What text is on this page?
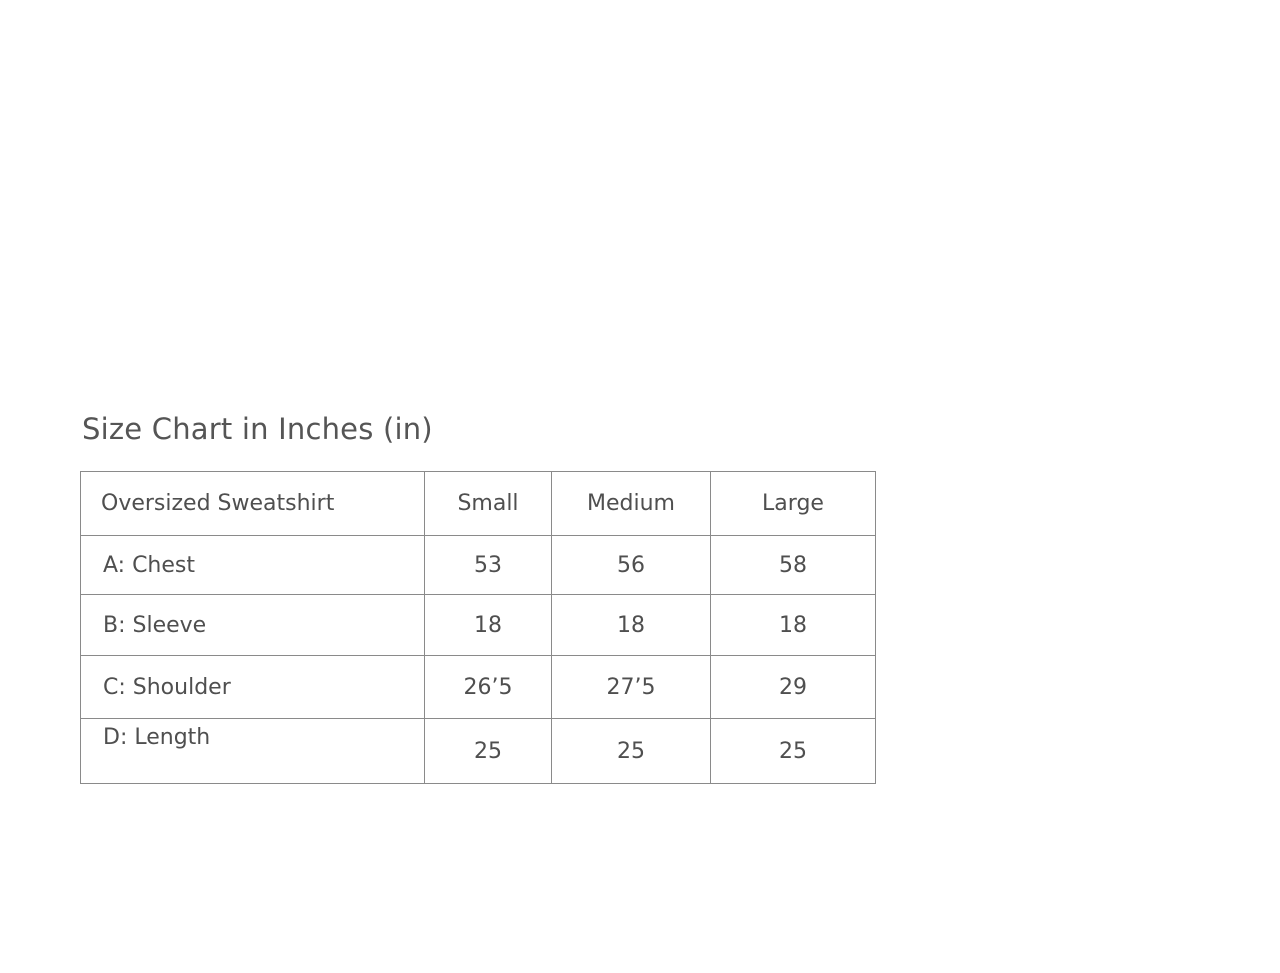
Size Chart in Inches (in)
Oversized Sweatshirt	Small	Medium	Large
A: Chest	53	56	58
B: Sleeve	18	18	18
C: Shoulder	26’5	27’5	29
D: Length	25	25	25
